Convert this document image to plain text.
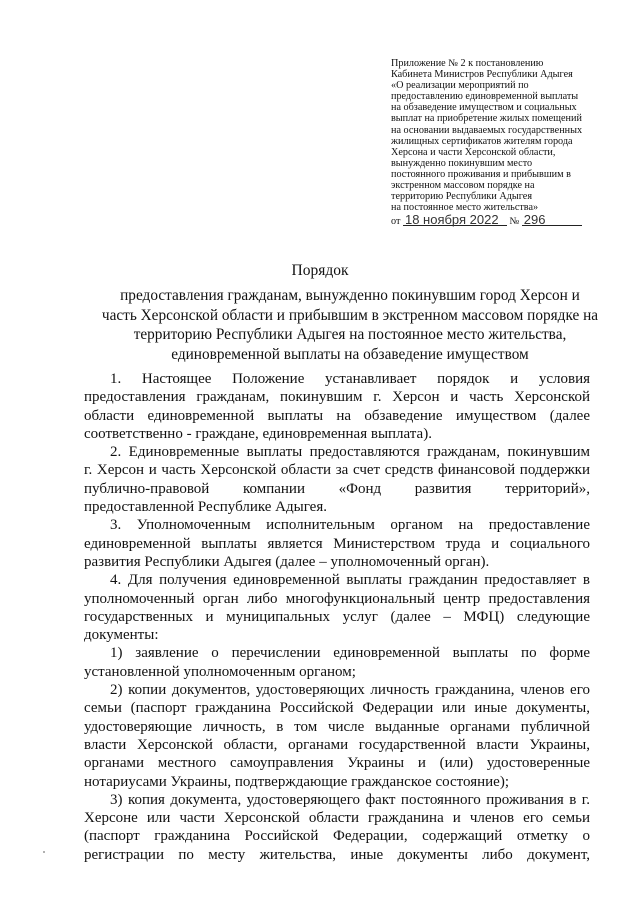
Приложение № 2 к постановлению
Кабинета Министров Республики Адыгея
«О реализации мероприятий по
предоставлению единовременной выплаты
на обзаведение имуществом и социальных
выплат на приобретение жилых помещений
на основании выдаваемых государственных
жилищных сертификатов жителям города
Херсона и части Херсонской области,
вынужденно покинувшим место
постоянного проживания и прибывшим в
экстренном массовом порядке на
территорию Республики Адыгея
на постоянное место жительства»
от 18 ноября 2022 № 296
Порядок
предоставления гражданам, вынужденно покинувшим город Херсон и
часть Херсонской области и прибывшим в экстренном массовом порядке на
территорию Республики Адыгея на постоянное место жительства,
единовременной выплаты на обзаведение имуществом
1. Настоящее Положение устанавливает порядок и условия
предоставления гражданам, покинувшим г. Херсон и часть Херсонской
области единовременной выплаты на обзаведение имуществом (далее
соответственно - граждане, единовременная выплата).
2. Единовременные выплаты предоставляются гражданам, покинувшим
г. Херсон и часть Херсонской области за счет средств финансовой поддержки
публично-правовой компании «Фонд развития территорий»,
предоставленной Республике Адыгея.
3. Уполномоченным исполнительным органом на предоставление
единовременной выплаты является Министерством труда и социального
развития Республики Адыгея (далее – уполномоченный орган).
4. Для получения единовременной выплаты гражданин предоставляет в
уполномоченный орган либо многофункциональный центр предоставления
государственных и муниципальных услуг (далее – МФЦ) следующие
документы:
1) заявление о перечислении единовременной выплаты по форме
установленной уполномоченным органом;
2) копии документов, удостоверяющих личность гражданина, членов его
семьи (паспорт гражданина Российской Федерации или иные документы,
удостоверяющие личность, в том числе выданные органами публичной
власти Херсонской области, органами государственной власти Украины,
органами местного самоуправления Украины и (или) удостоверенные
нотариусами Украины, подтверждающие гражданское состояние);
3) копия документа, удостоверяющего факт постоянного проживания в г.
Херсоне или части Херсонской области гражданина и членов его семьи
(паспорт гражданина Российской Федерации, содержащий отметку о
регистрации по месту жительства, иные документы либо документ,
